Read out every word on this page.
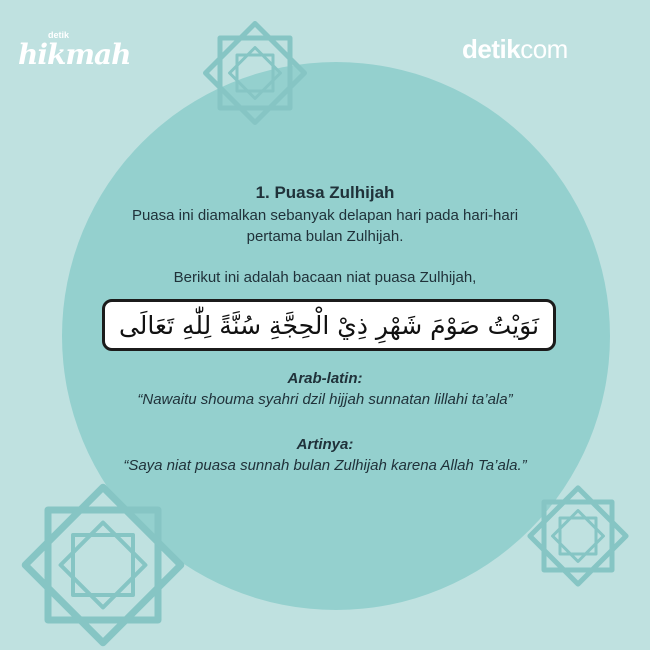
detik
hikmah	detikcom
1. Puasa Zulhijah
Puasa ini diamalkan sebanyak delapan hari pada hari-hari
pertama bulan Zulhijah.
Berikut ini adalah bacaan niat puasa Zulhijah,
نَوَيْتُ صَوْمَ شَهْرِ ذِيْ الْحِجَّةِ سُنَّةً لِلّٰهِ تَعَالَى
Arab-latin:
“Nawaitu shouma syahri dzil hijjah sunnatan lillahi ta’ala”
Artinya:
“Saya niat puasa sunnah bulan Zulhijah karena Allah Ta’ala.”
